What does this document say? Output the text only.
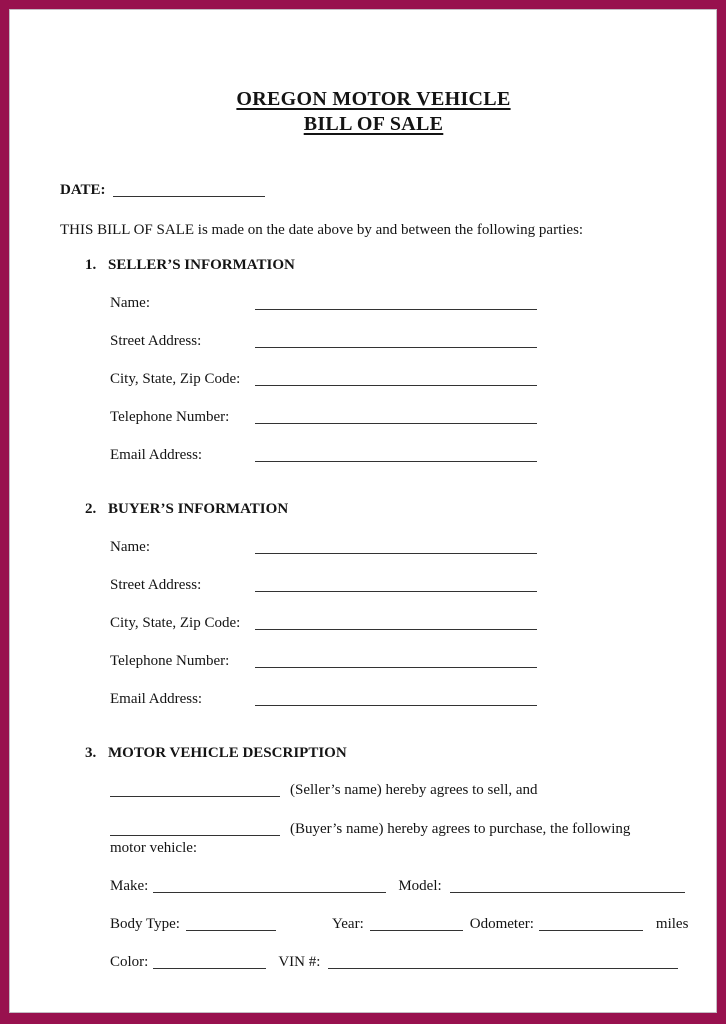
OREGON MOTOR VEHICLE
BILL OF SALE
DATE:

THIS BILL OF SALE is made on the date above by and between the following parties:

1. SELLER’S INFORMATION
Name:
Street Address:
City, State, Zip Code:
Telephone Number:
Email Address:
2. BUYER’S INFORMATION
Name:
Street Address:
City, State, Zip Code:
Telephone Number:
Email Address:
3. MOTOR VEHICLE DESCRIPTION
(Seller’s name) hereby agrees to sell, and
(Buyer’s name) hereby agrees to purchase, the following
motor vehicle:
Make:	Model:
Body Type:	Year:	Odometer:	miles
Color:	VIN #:
